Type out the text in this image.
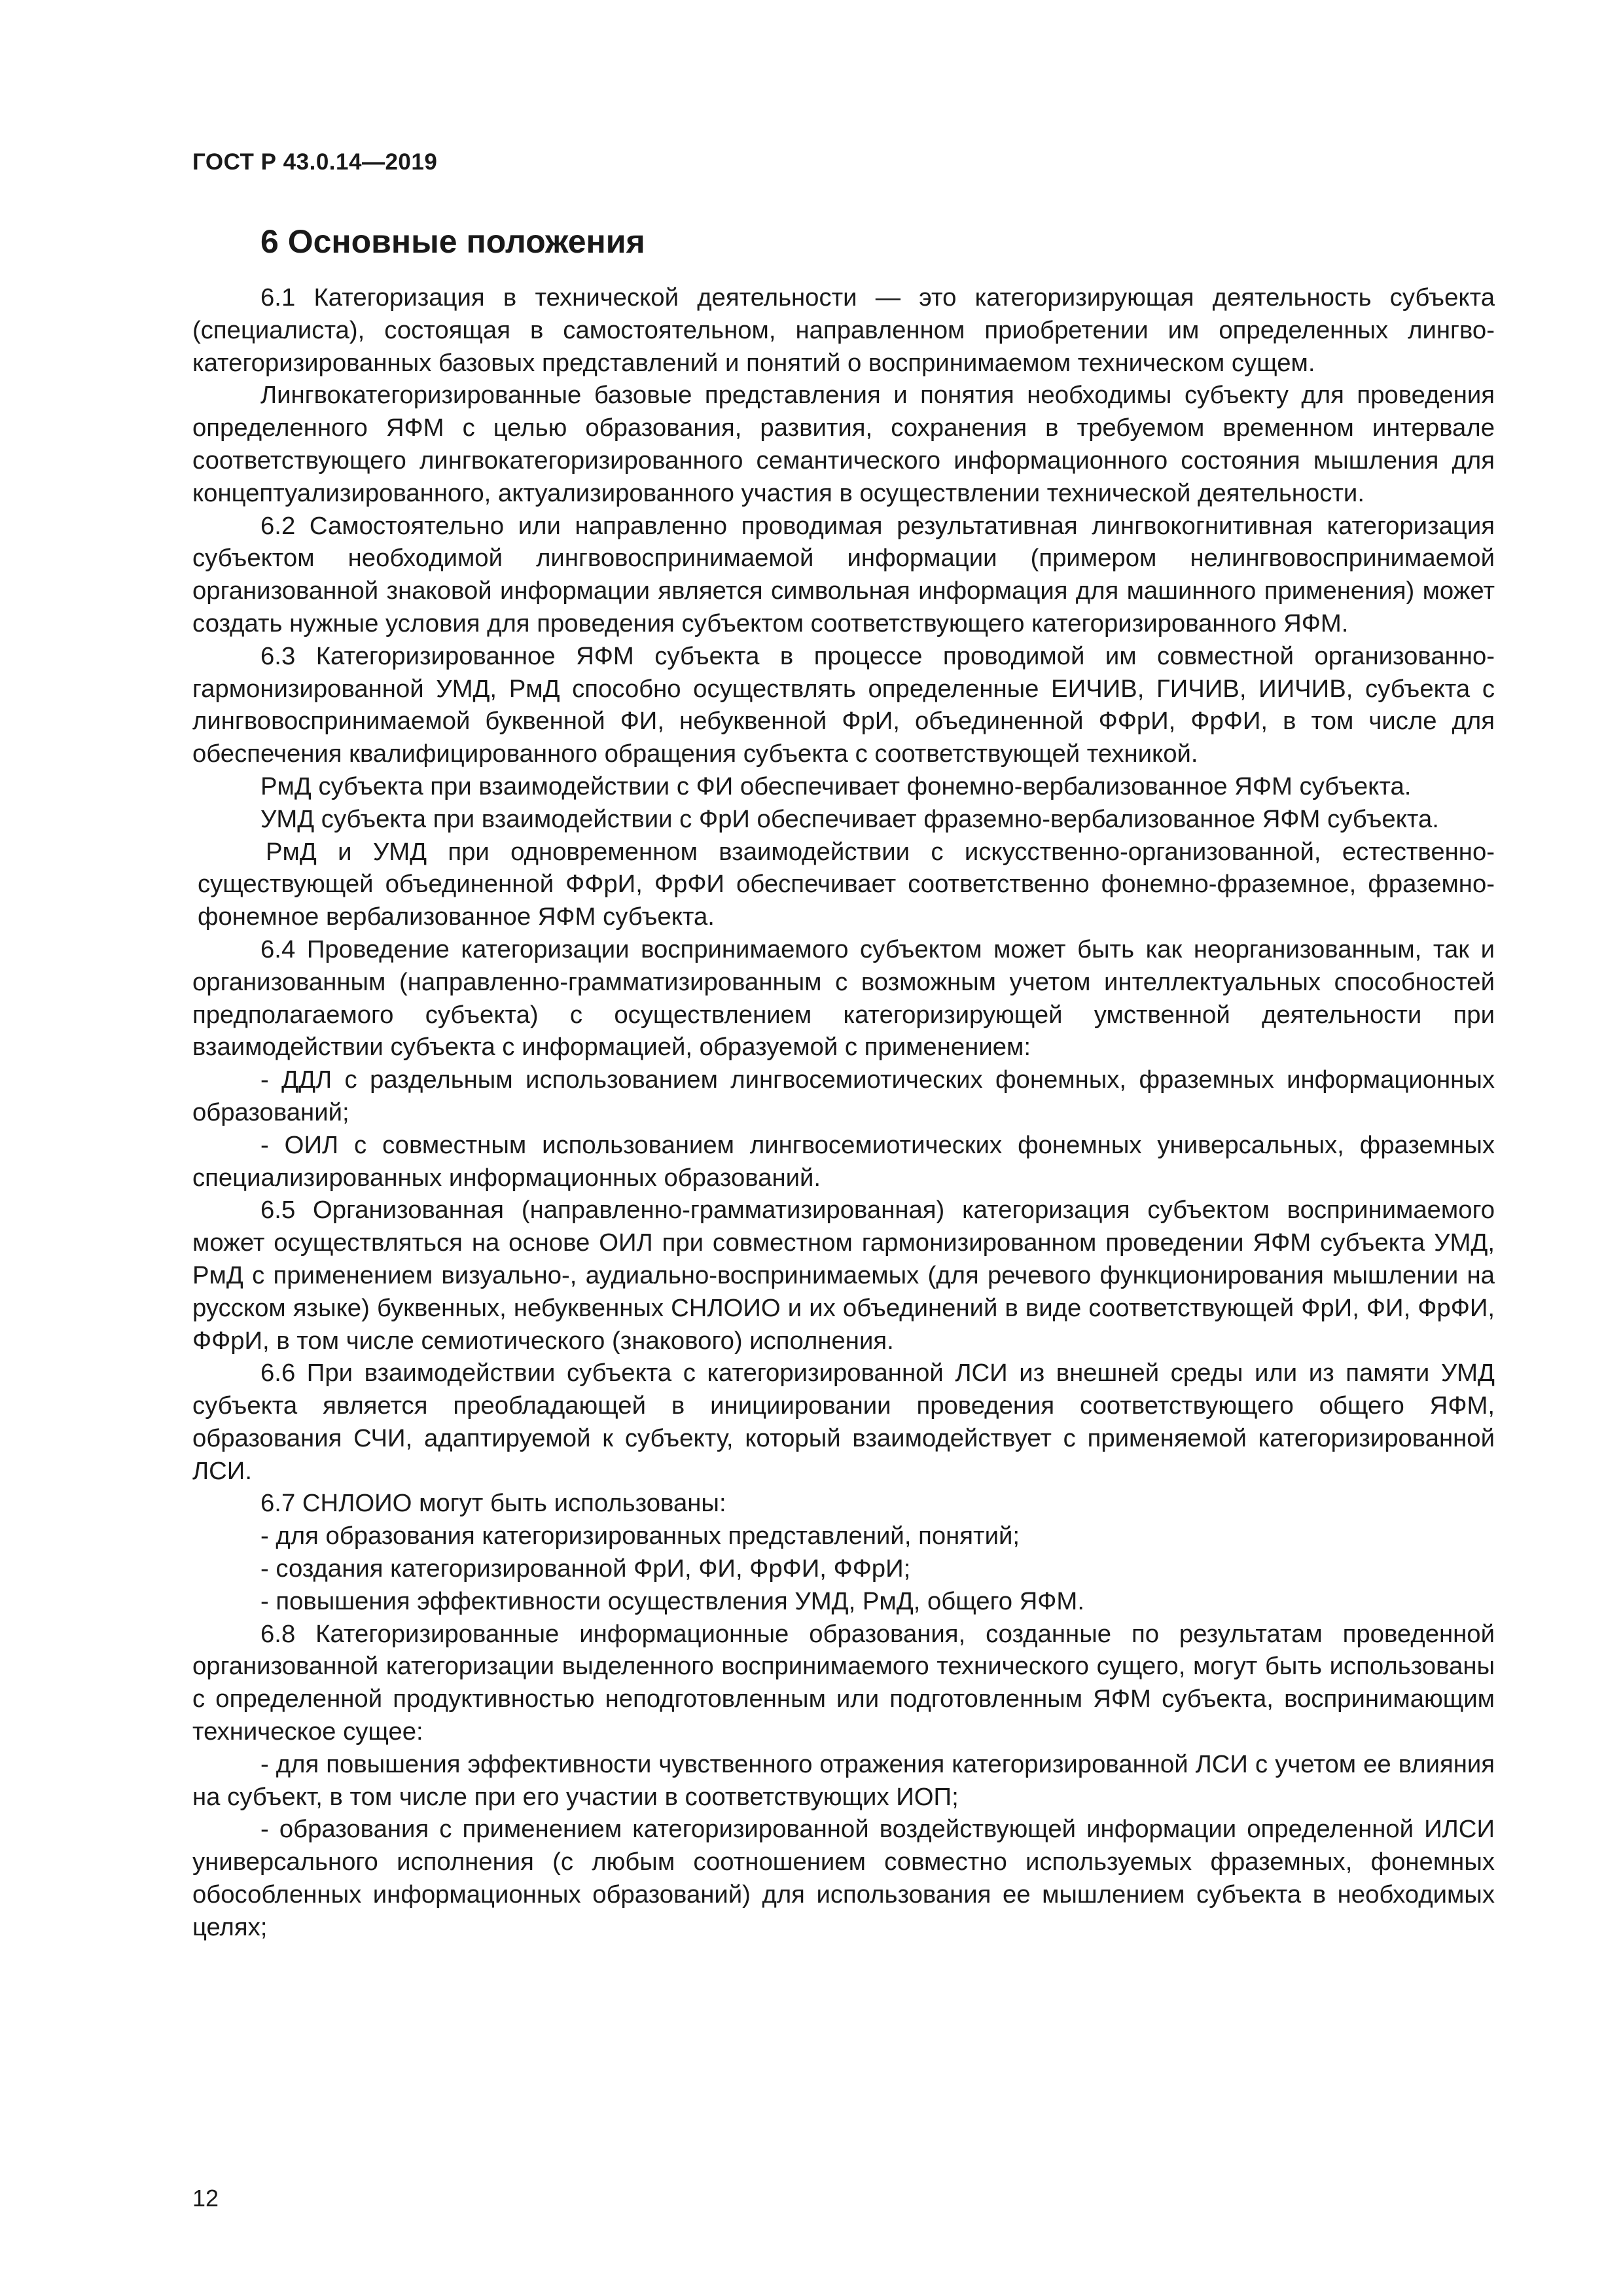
ГОСТ Р 43.0.14—2019
6 Основные положения

6.1 Категоризация в технической деятельности — это категоризирующая деятельность субъекта (специалиста), состоящая в самостоятельном, направленном приобретении им определенных лингвокатегоризированных базовых представлений и понятий о воспринимаемом техническом сущем.

Лингвокатегоризированные базовые представления и понятия необходимы субъекту для проведения определенного ЯФМ с целью образования, развития, сохранения в требуемом временном интервале соответствующего лингвокатегоризированного семантического информационного состояния мышления для концептуализированного, актуализированного участия в осуществлении технической деятельности.

6.2 Самостоятельно или направленно проводимая результативная лингвокогнитивная категоризация субъектом необходимой лингвовоспринимаемой информации (примером нелингвовоспринимаемой организованной знаковой информации является символьная информация для машинного применения) может создать нужные условия для проведения субъектом соответствующего категоризированного ЯФМ.

6.3 Категоризированное ЯФМ субъекта в процессе проводимой им совместной организованно-гармонизированной УМД, РмД способно осуществлять определенные ЕИЧИВ, ГИЧИВ, ИИЧИВ, субъекта с лингвовоспринимаемой буквенной ФИ, небуквенной ФрИ, объединенной ФФрИ, ФрФИ, в том числе для обеспечения квалифицированного обращения субъекта с соответствующей техникой.

РмД субъекта при взаимодействии с ФИ обеспечивает фонемно-вербализованное ЯФМ субъекта.

УМД субъекта при взаимодействии с ФрИ обеспечивает фраземно-вербализованное ЯФМ субъекта.

РмД и УМД при одновременном взаимодействии с искусственно-организованной, естественно-существующей объединенной ФФрИ, ФрФИ обеспечивает соответственно фонемно-фраземное, фраземно-фонемное вербализованное ЯФМ субъекта.

6.4 Проведение категоризации воспринимаемого субъектом может быть как неорганизованным, так и организованным (направленно-грамматизированным с возможным учетом интеллектуальных способностей предполагаемого субъекта) с осуществлением категоризирующей умственной деятельности при взаимодействии субъекта с информацией, образуемой с применением:

- ДДЛ с раздельным использованием лингвосемиотических фонемных, фраземных информационных образований;

- ОИЛ с совместным использованием лингвосемиотических фонемных универсальных, фраземных специализированных информационных образований.

6.5 Организованная (направленно-грамматизированная) категоризация субъектом воспринимаемого может осуществляться на основе ОИЛ при совместном гармонизированном проведении ЯФМ субъекта УМД, РмД с применением визуально-, аудиально-воспринимаемых (для речевого функционирования мышлении на русском языке) буквенных, небуквенных СНЛОИО и их объединений в виде соответствующей ФрИ, ФИ, ФрФИ, ФФрИ, в том числе семиотического (знакового) исполнения.

6.6 При взаимодействии субъекта с категоризированной ЛСИ из внешней среды или из памяти УМД субъекта является преобладающей в инициировании проведения соответствующего общего ЯФМ, образования СЧИ, адаптируемой к субъекту, который взаимодействует с применяемой категоризированной ЛСИ.

6.7 СНЛОИО могут быть использованы:

- для образования категоризированных представлений, понятий;

- создания категоризированной ФрИ, ФИ, ФрФИ, ФФрИ;

- повышения эффективности осуществления УМД, РмД, общего ЯФМ.

6.8 Категоризированные информационные образования, созданные по результатам проведенной организованной категоризации выделенного воспринимаемого технического сущего, могут быть использованы с определенной продуктивностью неподготовленным или подготовленным ЯФМ субъекта, воспринимающим техническое сущее:

- для повышения эффективности чувственного отражения категоризированной ЛСИ с учетом ее влияния на субъект, в том числе при его участии в соответствующих ИОП;

- образования с применением категоризированной воздействующей информации определенной ИЛСИ универсального исполнения (с любым соотношением совместно используемых фраземных, фонемных обособленных информационных образований) для использования ее мышлением субъекта в необходимых целях;

12
